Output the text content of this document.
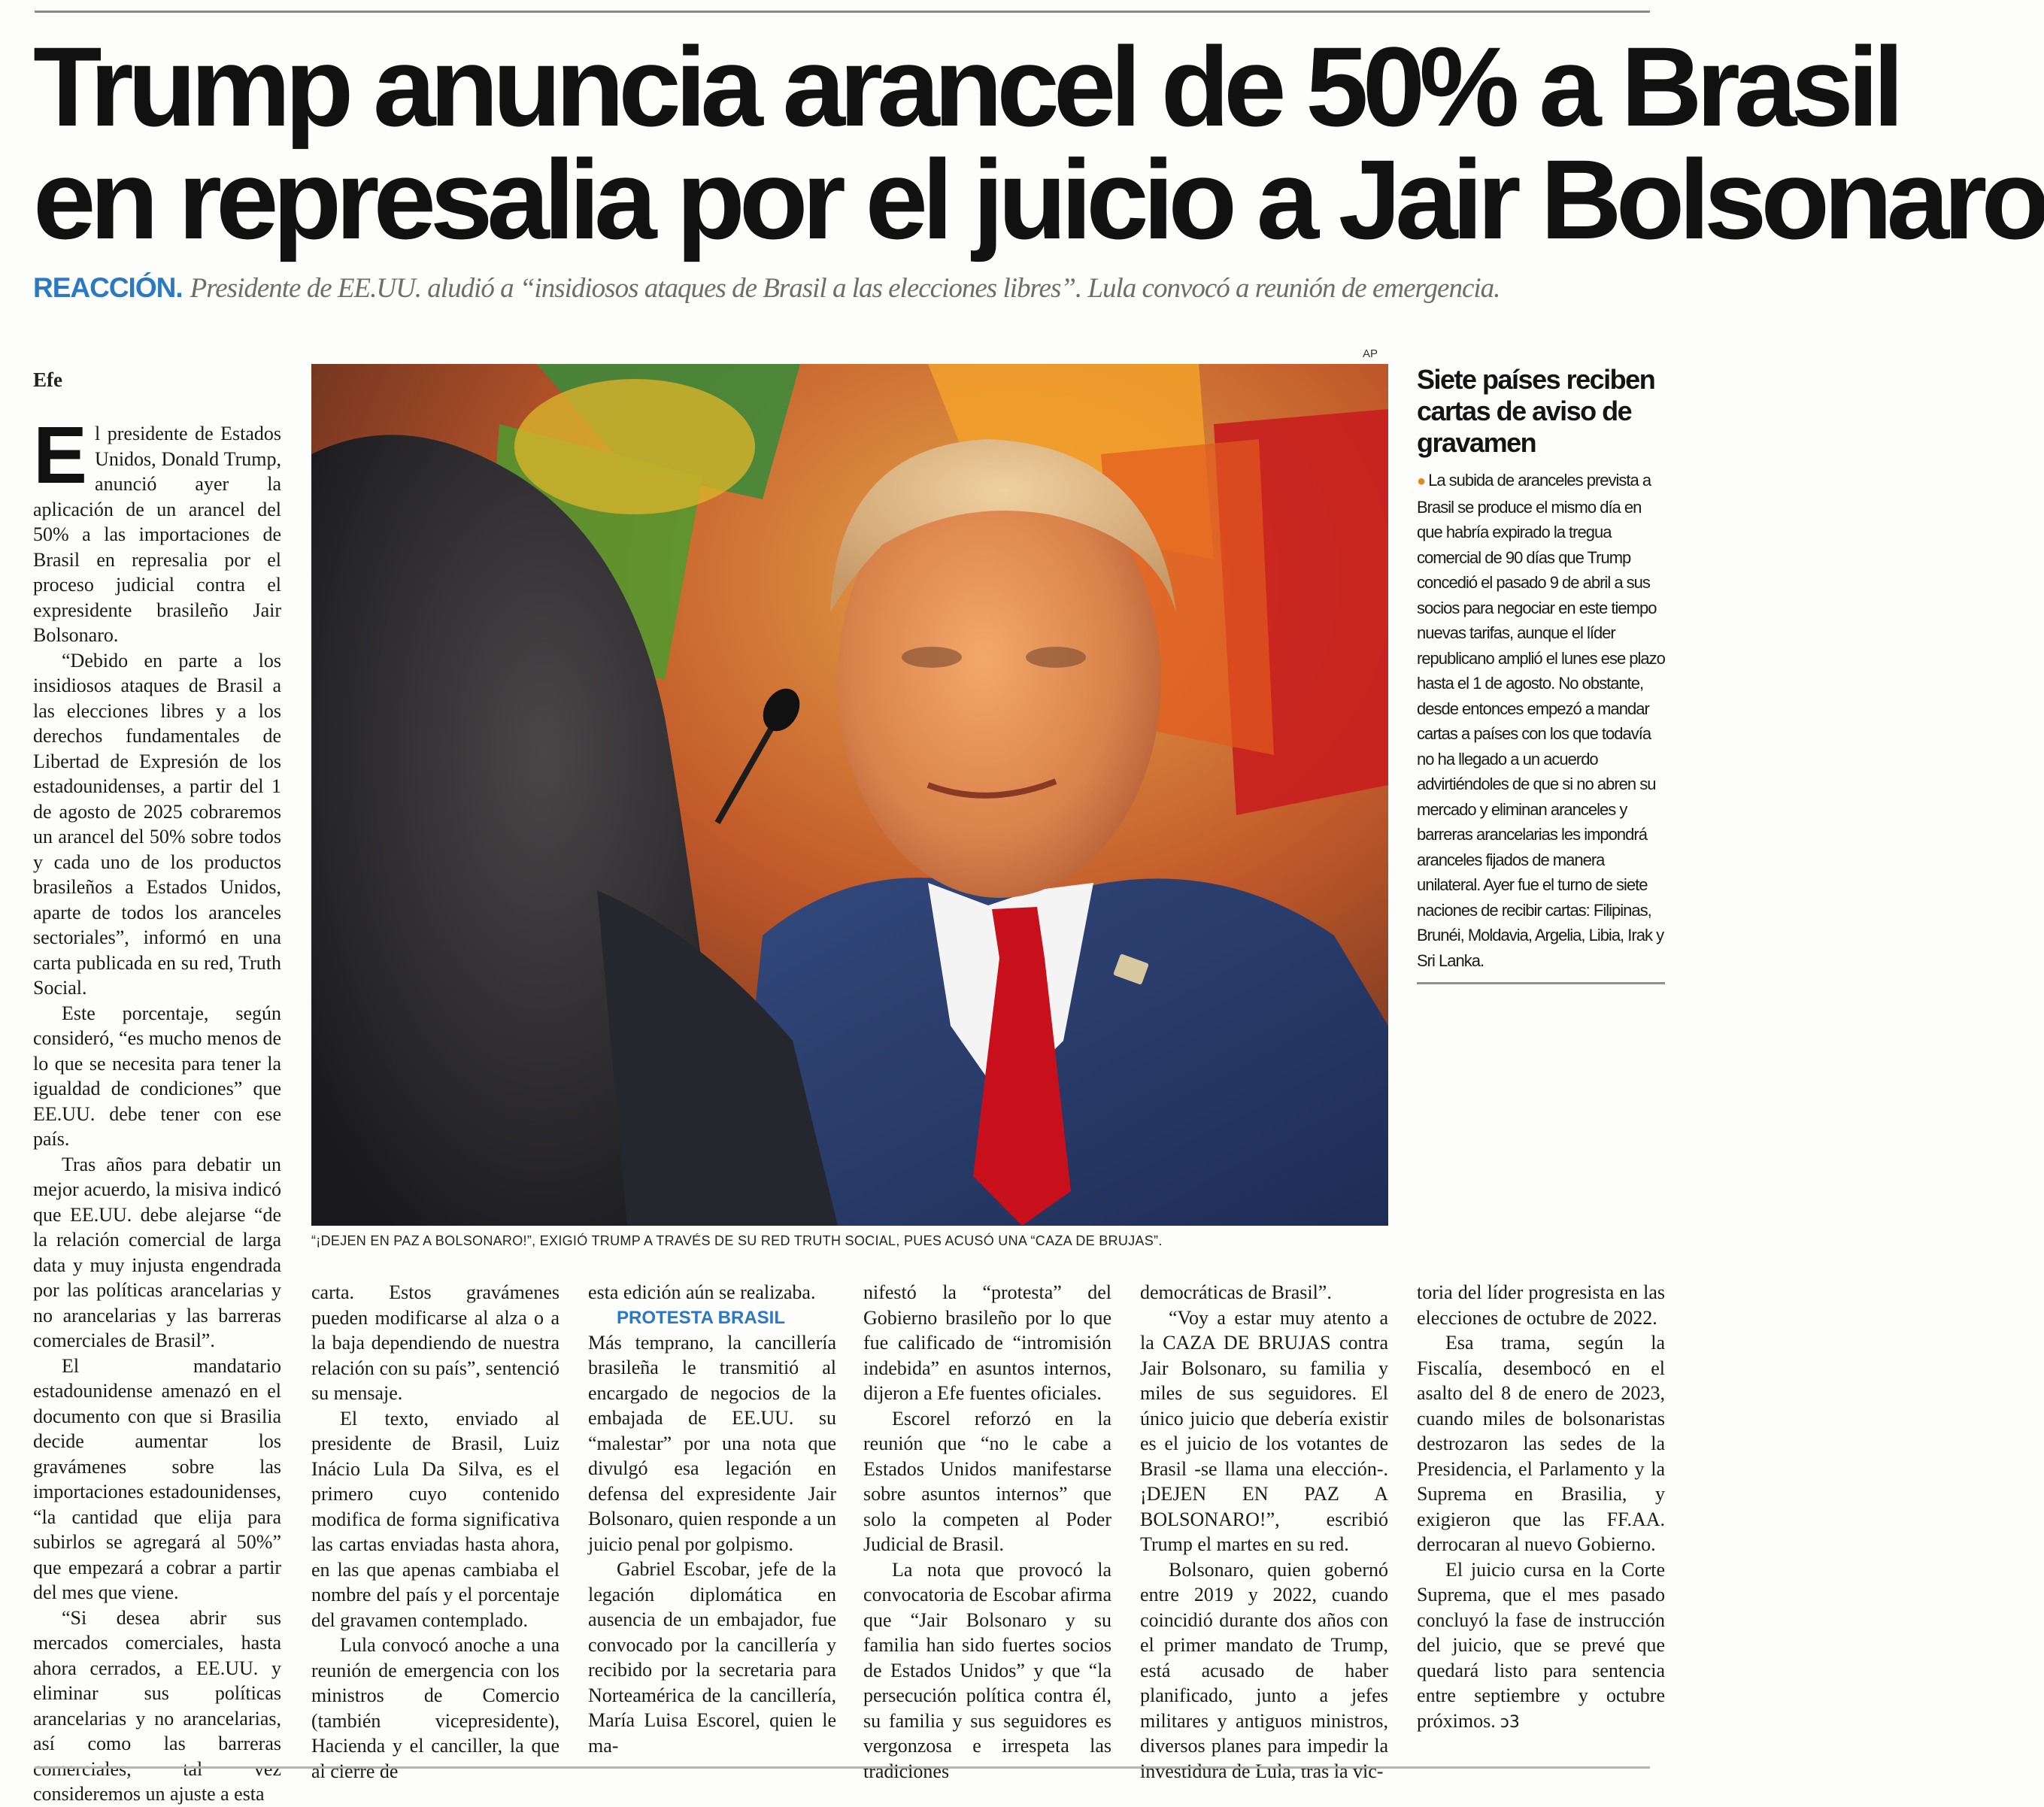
Trump anuncia arancel de 50% a Brasil
en represalia por el juicio a Jair Bolsonaro
REACCIÓN. Presidente de EE.UU. aludió a “insidiosos ataques de Brasil a las elecciones libres”. Lula convocó a reunión de emergencia.
Efe

El presidente de Estados Unidos, Donald Trump, anunció ayer la aplicación de un arancel del 50% a las importaciones de Brasil en represalia por el proceso judicial contra el expresidente brasileño Jair Bolsonaro.

“Debido en parte a los insidiosos ataques de Brasil a las elecciones libres y a los derechos fundamentales de Libertad de Expresión de los estadounidenses, a partir del 1 de agosto de 2025 cobraremos un arancel del 50% sobre todos y cada uno de los productos brasileños a Estados Unidos, aparte de todos los aranceles sectoriales”, informó en una carta publicada en su red, Truth Social.

Este porcentaje, según consideró, “es mucho menos de lo que se necesita para tener la igualdad de condiciones” que EE.UU. debe tener con ese país.

Tras años para debatir un mejor acuerdo, la misiva indicó que EE.UU. debe alejarse “de la relación comercial de larga data y muy injusta engendrada por las políticas arancelarias y no arancelarias y las barreras comerciales de Brasil”.

El mandatario estadounidense amenazó en el documento con que si Brasilia decide aumentar los gravámenes sobre las importaciones estadounidenses, “la cantidad que elija para subirlos se agregará al 50%” que empezará a cobrar a partir del mes que viene.

“Si desea abrir sus mercados comerciales, hasta ahora cerrados, a EE.UU. y eliminar sus políticas arancelarias y no arancelarias, así como las barreras comerciales, tal vez consideremos un ajuste a esta

AP
“¡DEJEN EN PAZ A BOLSONARO!”, EXIGIÓ TRUMP A TRAVÉS DE SU RED TRUTH SOCIAL, PUES ACUSÓ UNA “CAZA DE BRUJAS”.
Siete países reciben cartas de aviso de gravamen
● La subida de aranceles prevista a Brasil se produce el mismo día en que habría expirado la tregua comercial de 90 días que Trump concedió el pasado 9 de abril a sus socios para negociar en este tiempo nuevas tarifas, aunque el líder republicano amplió el lunes ese plazo hasta el 1 de agosto. No obstante, desde entonces empezó a mandar cartas a países con los que todavía no ha llegado a un acuerdo advirtiéndoles de que si no abren su mercado y eliminan aranceles y barreras arancelarias les impondrá aranceles fijados de manera unilateral. Ayer fue el turno de siete naciones de recibir cartas: Filipinas, Brunéi, Moldavia, Argelia, Libia, Irak y Sri Lanka.

carta. Estos gravámenes pueden modificarse al alza o a la baja dependiendo de nuestra relación con su país”, sentenció su mensaje.

El texto, enviado al presidente de Brasil, Luiz Inácio Lula Da Silva, es el primero cuyo contenido modifica de forma significativa las cartas enviadas hasta ahora, en las que apenas cambiaba el nombre del país y el porcentaje del gravamen contemplado.

Lula convocó anoche a una reunión de emergencia con los ministros de Comercio (también vicepresidente), Hacienda y el canciller, la que al cierre de

esta edición aún se realizaba.

PROTESTA BRASIL

Más temprano, la cancillería brasileña le transmitió al encargado de negocios de la embajada de EE.UU. su “malestar” por una nota que divulgó esa legación en defensa del expresidente Jair Bolsonaro, quien responde a un juicio penal por golpismo.

Gabriel Escobar, jefe de la legación diplomática en ausencia de un embajador, fue convocado por la cancillería y recibido por la secretaria para Norteamérica de la cancillería, María Luisa Escorel, quien le ma-

nifestó la “protesta” del Gobierno brasileño por lo que fue calificado de “intromisión indebida” en asuntos internos, dijeron a Efe fuentes oficiales.

Escorel reforzó en la reunión que “no le cabe a Estados Unidos manifestarse sobre asuntos internos” que solo la competen al Poder Judicial de Brasil.

La nota que provocó la convocatoria de Escobar afirma que “Jair Bolsonaro y su familia han sido fuertes socios de Estados Unidos” y que “la persecución política contra él, su familia y sus seguidores es vergonzosa e irrespeta las tradiciones

democráticas de Brasil”.

“Voy a estar muy atento a la CAZA DE BRUJAS contra Jair Bolsonaro, su familia y miles de sus seguidores. El único juicio que debería existir es el juicio de los votantes de Brasil -se llama una elección-. ¡DEJEN EN PAZ A BOLSONARO!”, escribió Trump el martes en su red.

Bolsonaro, quien gobernó entre 2019 y 2022, cuando coincidió durante dos años con el primer mandato de Trump, está acusado de haber planificado, junto a jefes militares y antiguos ministros, diversos planes para impedir la investidura de Lula, tras la vic-

toria del líder progresista en las elecciones de octubre de 2022.

Esa trama, según la Fiscalía, desembocó en el asalto del 8 de enero de 2023, cuando miles de bolsonaristas destrozaron las sedes de la Presidencia, el Parlamento y la Suprema en Brasilia, y exigieron que las FF.AA. derrocaran al nuevo Gobierno.

El juicio cursa en la Corte Suprema, que el mes pasado concluyó la fase de instrucción del juicio, que se prevé que quedará listo para sentencia entre septiembre y octubre próximos. ↄ3
